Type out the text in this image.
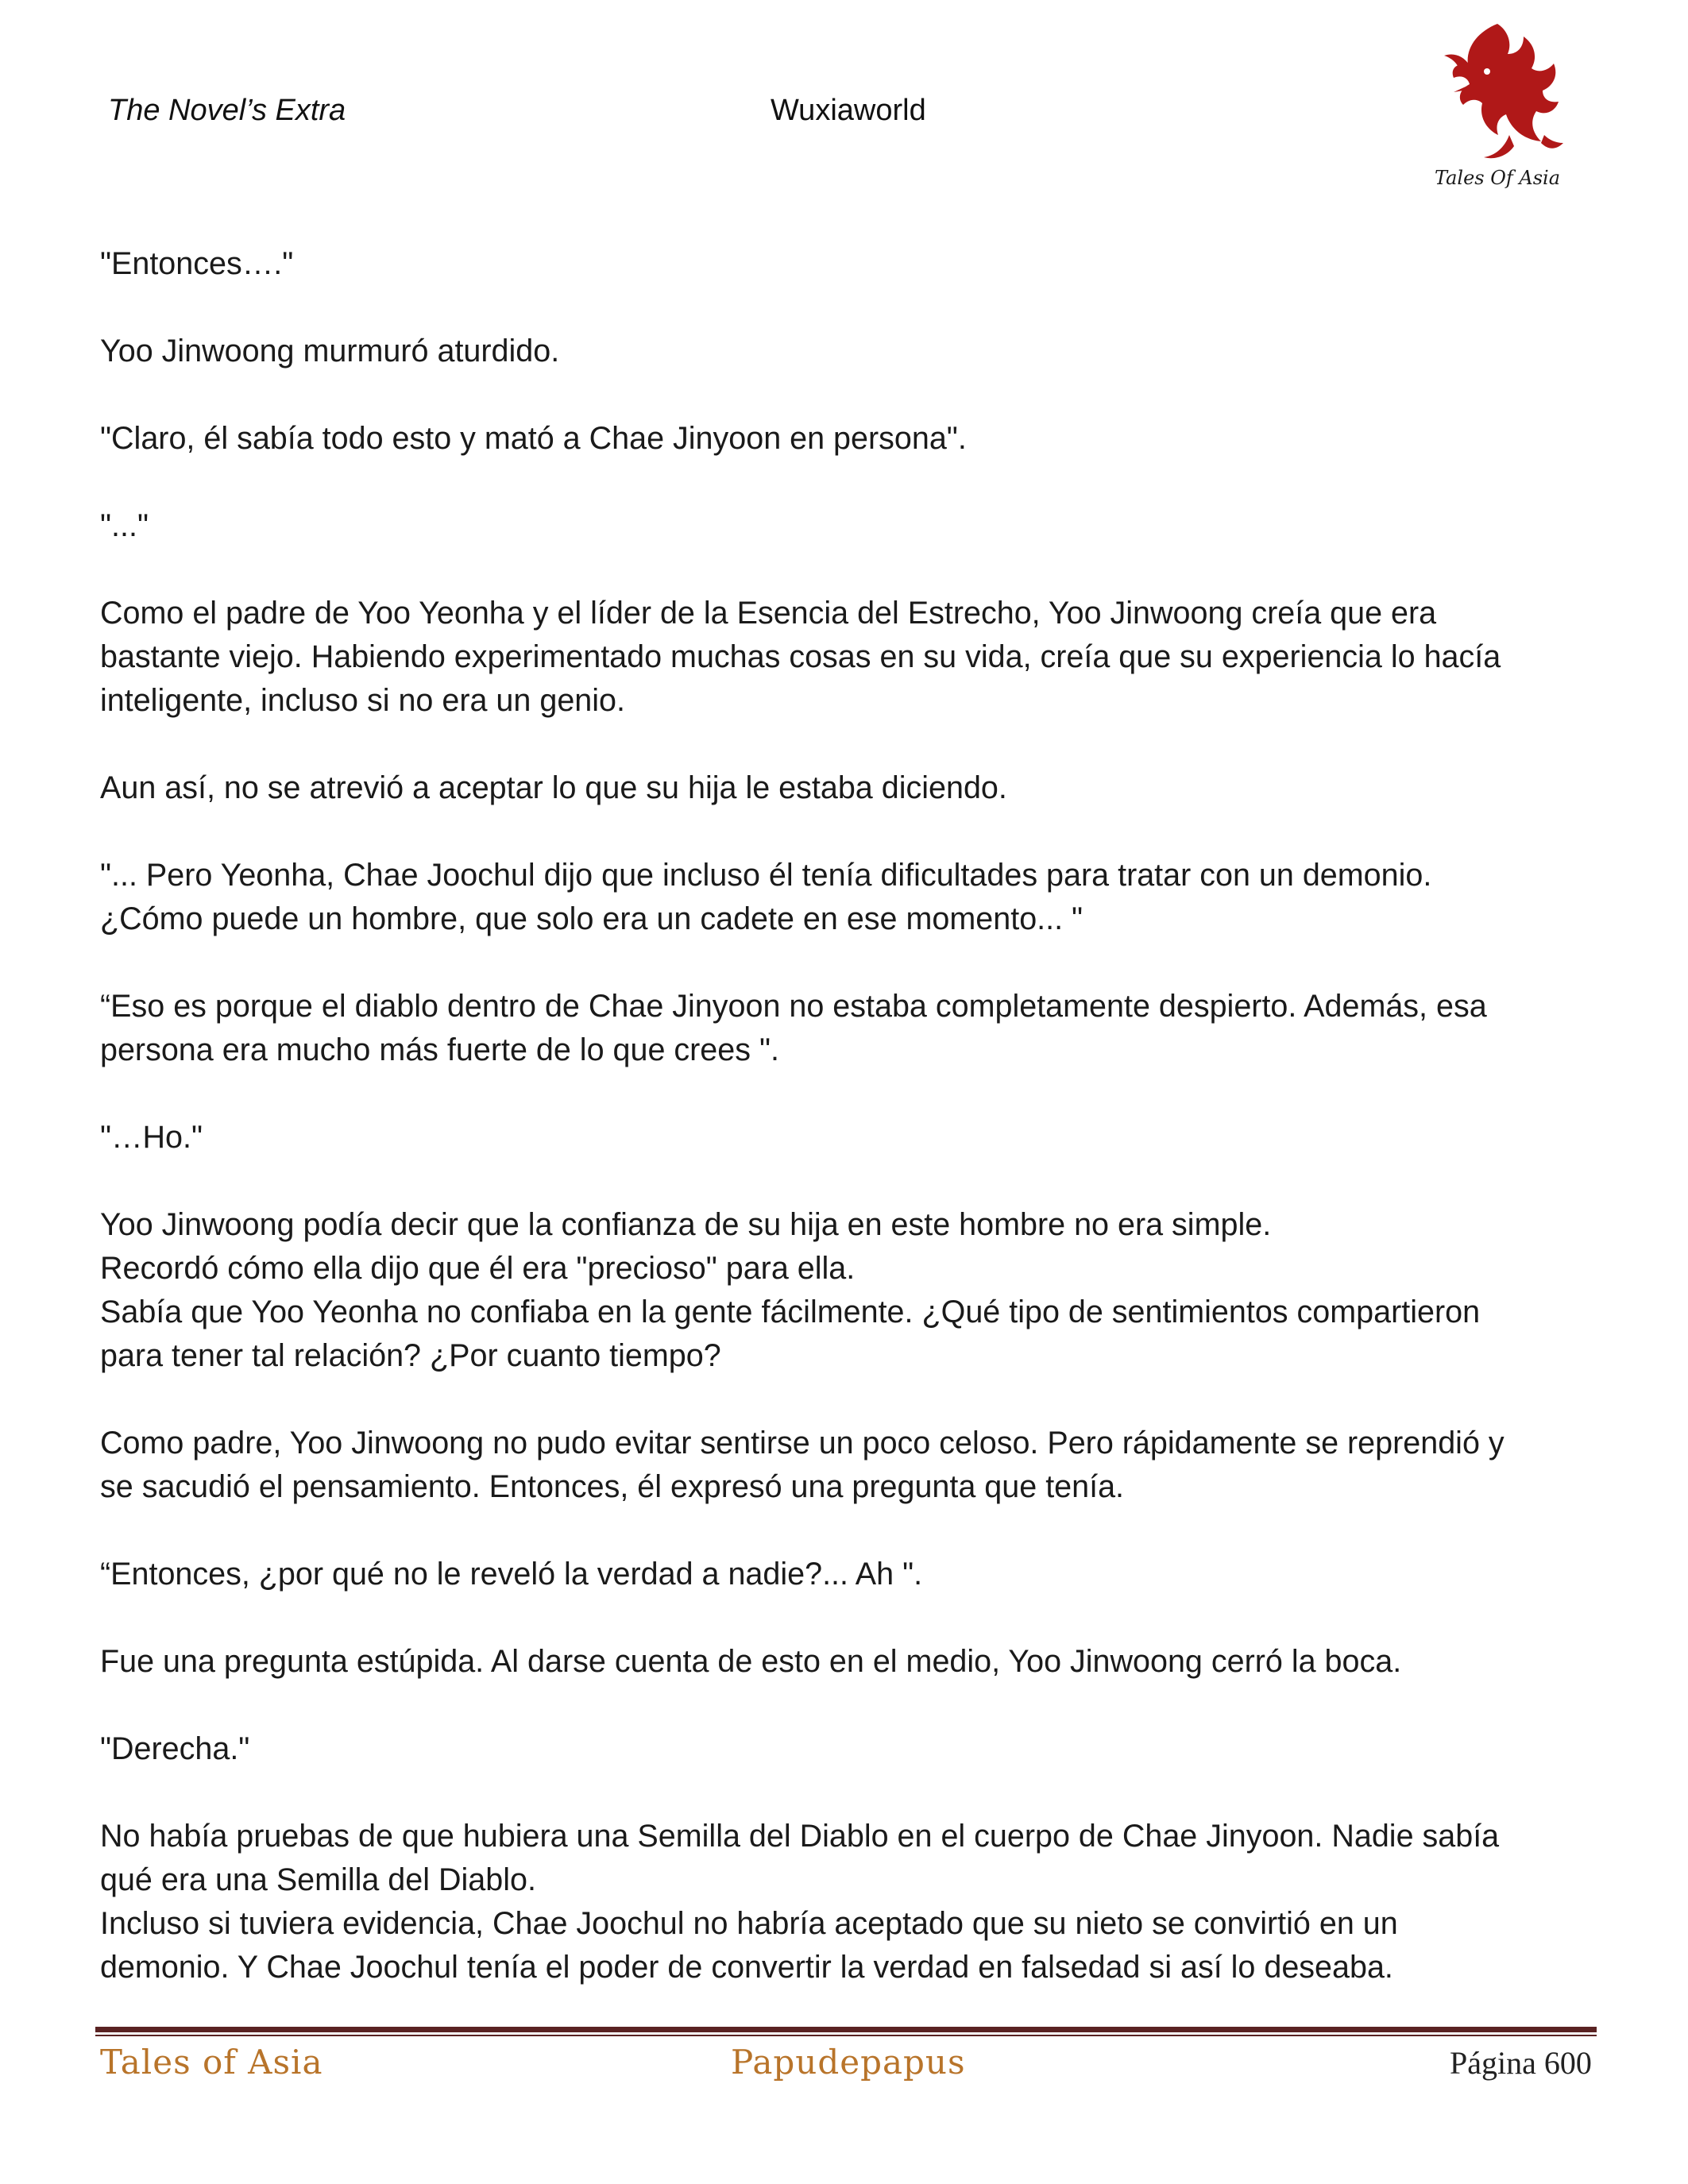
The Novel’s Extra	Wuxiaworld
Tales Of Asia
"Entonces…."
Yoo Jinwoong murmuró aturdido.
"Claro, él sabía todo esto y mató a Chae Jinyoon en persona".
"..."
Como el padre de Yoo Yeonha y el líder de la Esencia del Estrecho, Yoo Jinwoong creía que era
bastante viejo. Habiendo experimentado muchas cosas en su vida, creía que su experiencia lo hacía
inteligente, incluso si no era un genio.
Aun así, no se atrevió a aceptar lo que su hija le estaba diciendo.
"... Pero Yeonha, Chae Joochul dijo que incluso él tenía dificultades para tratar con un demonio.
¿Cómo puede un hombre, que solo era un cadete en ese momento... "
“Eso es porque el diablo dentro de Chae Jinyoon no estaba completamente despierto. Además, esa
persona era mucho más fuerte de lo que crees ".
"…Ho."
Yoo Jinwoong podía decir que la confianza de su hija en este hombre no era simple.
Recordó cómo ella dijo que él era "precioso" para ella.
Sabía que Yoo Yeonha no confiaba en la gente fácilmente. ¿Qué tipo de sentimientos compartieron
para tener tal relación? ¿Por cuanto tiempo?
Como padre, Yoo Jinwoong no pudo evitar sentirse un poco celoso. Pero rápidamente se reprendió y
se sacudió el pensamiento. Entonces, él expresó una pregunta que tenía.
“Entonces, ¿por qué no le reveló la verdad a nadie?... Ah ".
Fue una pregunta estúpida. Al darse cuenta de esto en el medio, Yoo Jinwoong cerró la boca.
"Derecha."
No había pruebas de que hubiera una Semilla del Diablo en el cuerpo de Chae Jinyoon. Nadie sabía
qué era una Semilla del Diablo.
Incluso si tuviera evidencia, Chae Joochul no habría aceptado que su nieto se convirtió en un
demonio. Y Chae Joochul tenía el poder de convertir la verdad en falsedad si así lo deseaba.
Tales of Asia	Papudepapus	Página 600
